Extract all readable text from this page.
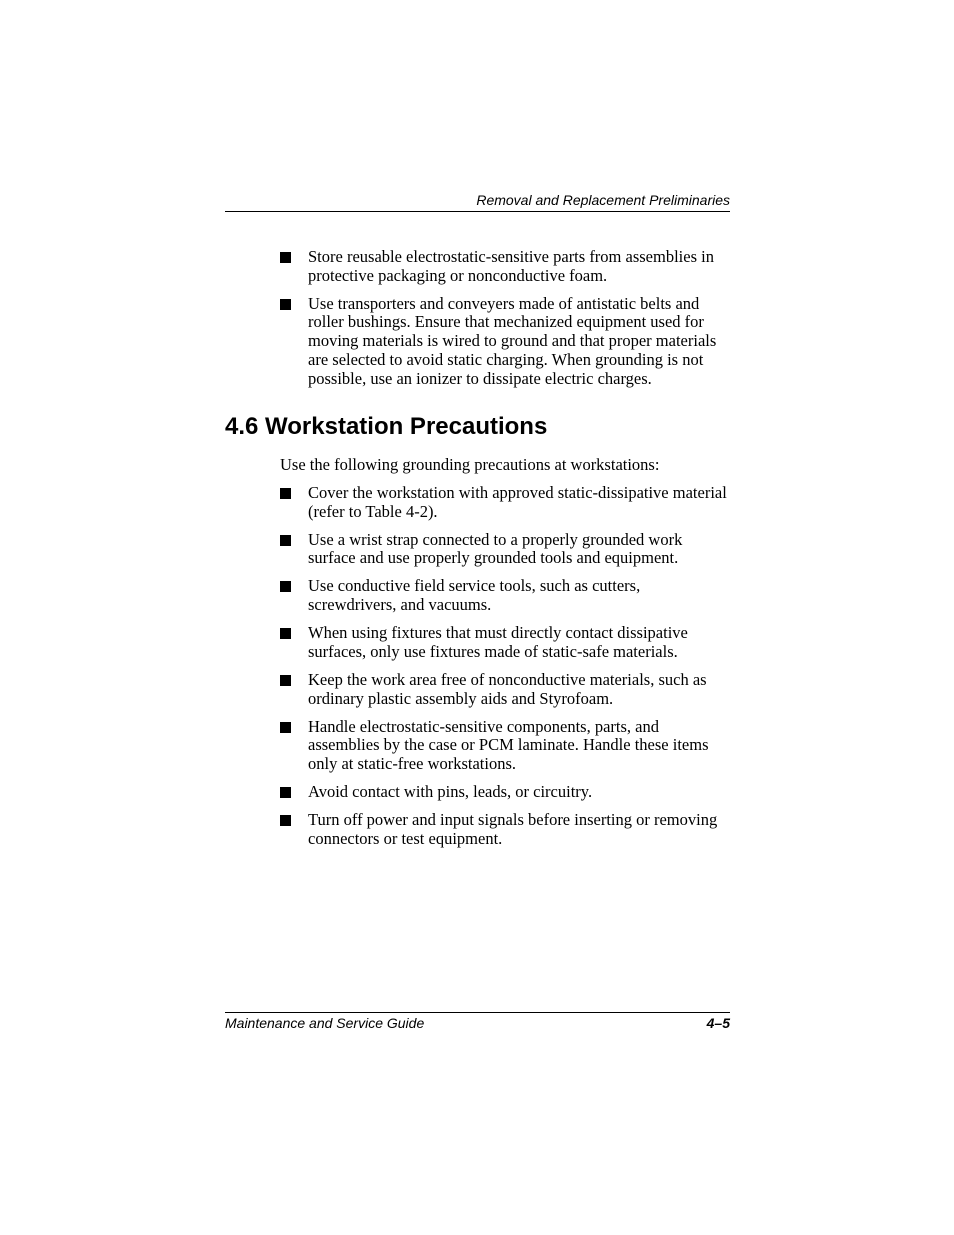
Removal and Replacement Preliminaries
Store reusable electrostatic-sensitive parts from assemblies in protective packaging or nonconductive foam.
Use transporters and conveyers made of antistatic belts and roller bushings. Ensure that mechanized equipment used for moving materials is wired to ground and that proper materials are selected to avoid static charging. When grounding is not possible, use an ionizer to dissipate electric charges.
4.6 Workstation Precautions

Use the following grounding precautions at workstations:

Cover the workstation with approved static-dissipative material (refer to Table 4-2).
Use a wrist strap connected to a properly grounded work surface and use properly grounded tools and equipment.
Use conductive field service tools, such as cutters, screwdrivers, and vacuums.
When using fixtures that must directly contact dissipative surfaces, only use fixtures made of static-safe materials.
Keep the work area free of nonconductive materials, such as ordinary plastic assembly aids and Styrofoam.
Handle electrostatic-sensitive components, parts, and assemblies by the case or PCM laminate. Handle these items only at static-free workstations.
Avoid contact with pins, leads, or circuitry.
Turn off power and input signals before inserting or removing connectors or test equipment.
Maintenance and Service Guide	4–5
